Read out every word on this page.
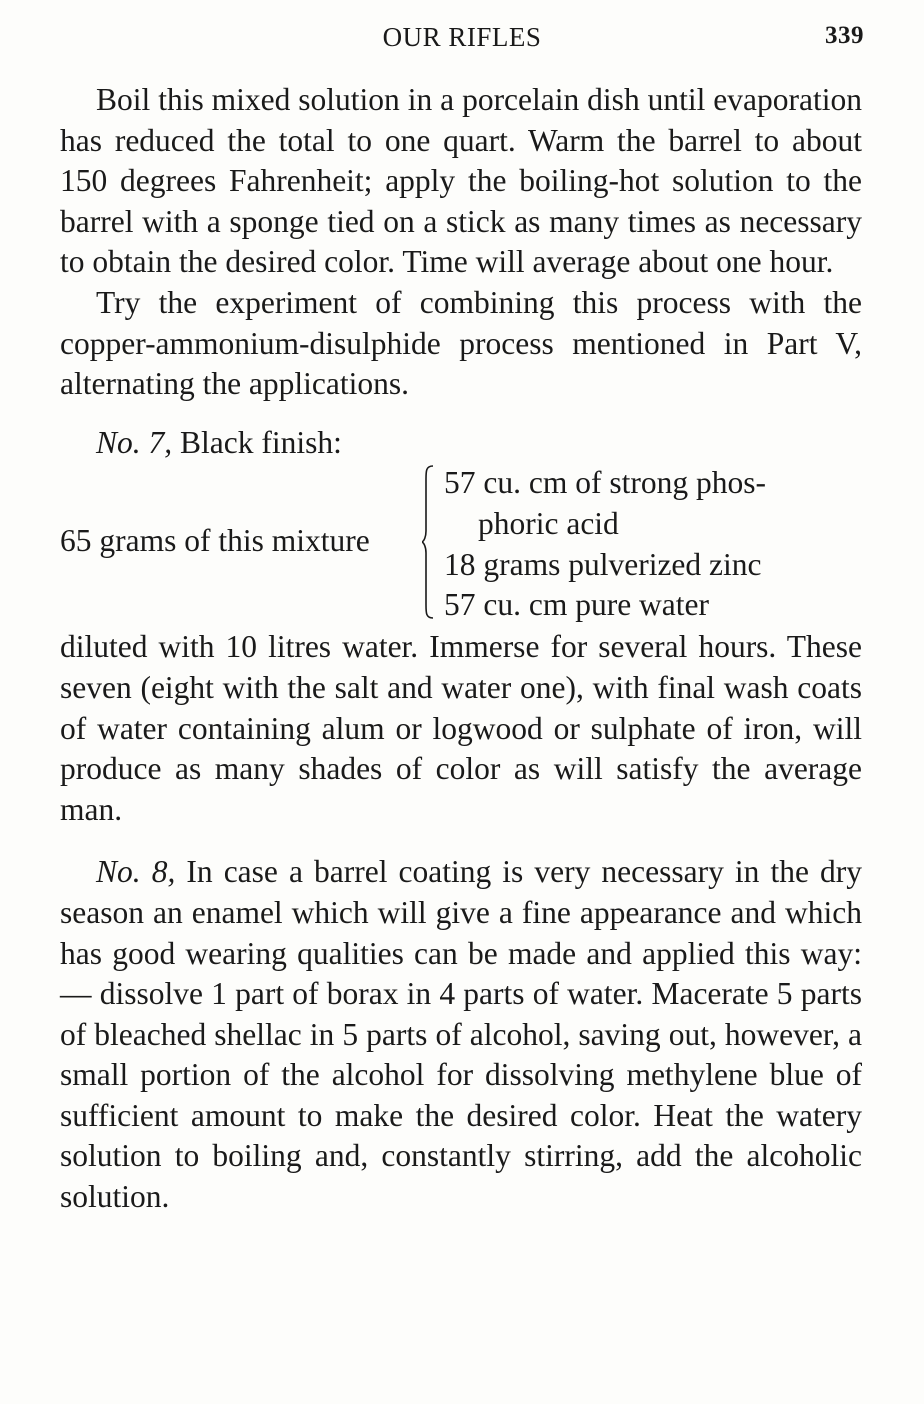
OUR RIFLES	339

Boil this mixed solution in a porcelain dish until evaporation has reduced the total to one quart. Warm the barrel to about 150 degrees Fahrenheit; apply the boiling-hot solution to the barrel with a sponge tied on a stick as many times as necessary to obtain the desired color. Time will average about one hour.

Try the experiment of combining this process with the copper-ammonium-disulphide process mentioned in Part V, alternating the applications.

No. 7, Black finish:
65 grams of this mixture
57 cu. cm of strong phos-
phoric acid
18 grams pulverized zinc
57 cu. cm pure water

diluted with 10 litres water. Immerse for several hours. These seven (eight with the salt and water one), with final wash coats of water containing alum or logwood or sulphate of iron, will produce as many shades of color as will satisfy the average man.

No. 8, In case a barrel coating is very necessary in the dry season an enamel which will give a fine appearance and which has good wearing qualities can be made and applied this way: — dissolve 1 part of borax in 4 parts of water. Macerate 5 parts of bleached shellac in 5 parts of alcohol, saving out, however, a small portion of the alcohol for dissolving methylene blue of sufficient amount to make the desired color. Heat the watery solution to boiling and, constantly stirring, add the alcoholic solution.
